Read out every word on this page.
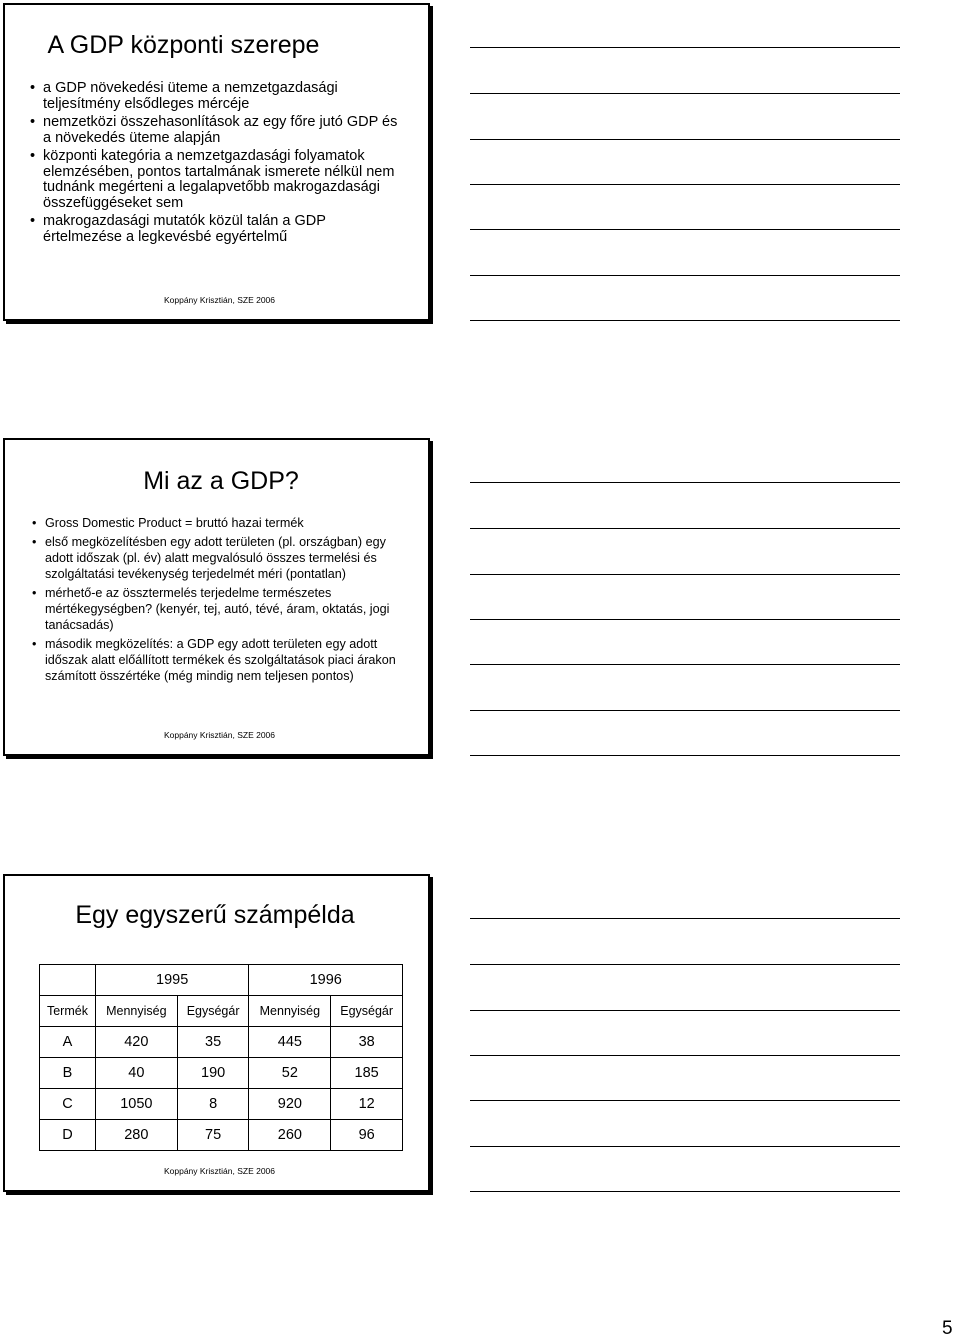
A GDP központi szerepe
• a GDP növekedési üteme a nemzetgazdasági teljesítmény elsődleges mércéje
• nemzetközi összehasonlítások az egy főre jutó GDP és a növekedés üteme alapján
• központi kategória a nemzetgazdasági folyamatok elemzésében, pontos tartalmának ismerete nélkül nem tudnánk megérteni a legalapvetőbb makrogazdasági összefüggéseket sem
• makrogazdasági mutatók közül talán a GDP értelmezése a legkevésbé egyértelmű
Koppány Krisztián, SZE 2006
Mi az a GDP?
• Gross Domestic Product = bruttó hazai termék
• első megközelítésben egy adott területen (pl. országban) egy adott időszak (pl. év) alatt megvalósuló összes termelési és szolgáltatási tevékenység terjedelmét méri (pontatlan)
• mérhető-e az össztermelés terjedelme természetes mértékegységben? (kenyér, tej, autó, tévé, áram, oktatás, jogi tanácsadás)
• második megközelítés: a GDP egy adott területen egy adott időszak alatt előállított termékek és szolgáltatások piaci árakon számított összértéke (még mindig nem teljesen pontos)
Koppány Krisztián, SZE 2006
Egy egyszerű számpélda
	1995		1996	
Termék	Mennyiség	Egységár	Mennyiség	Egységár
A	420	35	445	38
B	40	190	52	185
C	1050	8	920	12
D	280	75	260	96
Koppány Krisztián, SZE 2006
5
